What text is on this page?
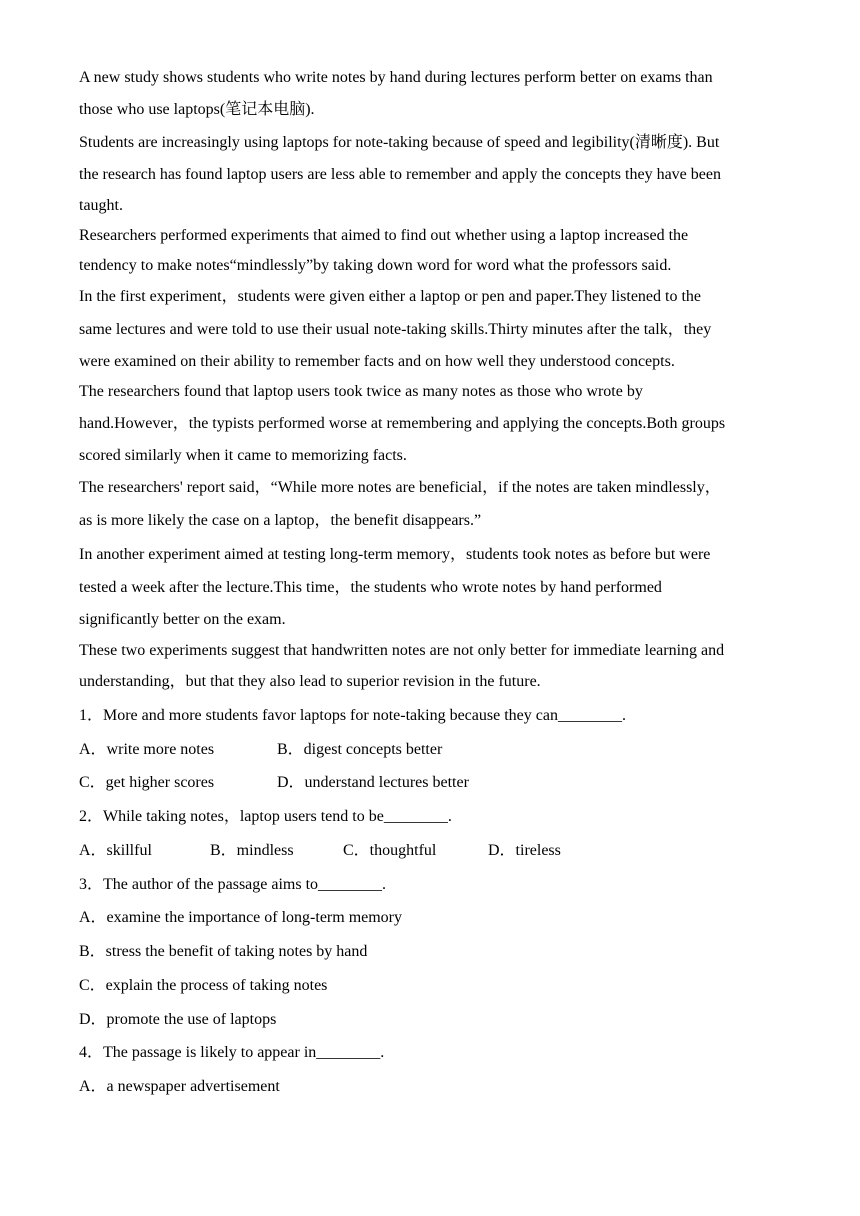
A new study shows students who write notes by hand during lectures perform better on exams than
those who use laptops(笔记本电脑).
Students are increasingly using laptops for note-taking because of speed and legibility(清晰度). But
the research has found laptop users are less able to remember and apply the concepts they have been
taught.
Researchers performed experiments that aimed to find out whether using a laptop increased the
tendency to make notes“mindlessly”by taking down word for word what the professors said.
In the first experiment，students were given either a laptop or pen and paper.They listened to the
same lectures and were told to use their usual note-taking skills.Thirty minutes after the talk，they
were examined on their ability to remember facts and on how well they understood concepts.
The researchers found that laptop users took twice as many notes as those who wrote by
hand.However，the typists performed worse at remembering and applying the concepts.Both groups
scored similarly when it came to memorizing facts.
The researchers' report said，“While more notes are beneficial，if the notes are taken mindlessly，
as is more likely the case on a laptop，the benefit disappears.”
In another experiment aimed at testing long-term memory，students took notes as before but were
tested a week after the lecture.This time，the students who wrote notes by hand performed
significantly better on the exam.
These two experiments suggest that handwritten notes are not only better for immediate learning and
understanding，but that they also lead to superior revision in the future.
1．More and more students favor laptops for note-taking because they can________.
A．write more notes	B．digest concepts better
C．get higher scores	D．understand lectures better
2．While taking notes，laptop users tend to be________.
A．skillful	B．mindless	C．thoughtful	D．tireless
3．The author of the passage aims to________.
A．examine the importance of long-term memory
B．stress the benefit of taking notes by hand
C．explain the process of taking notes
D．promote the use of laptops
4．The passage is likely to appear in________.
A．a newspaper advertisement
